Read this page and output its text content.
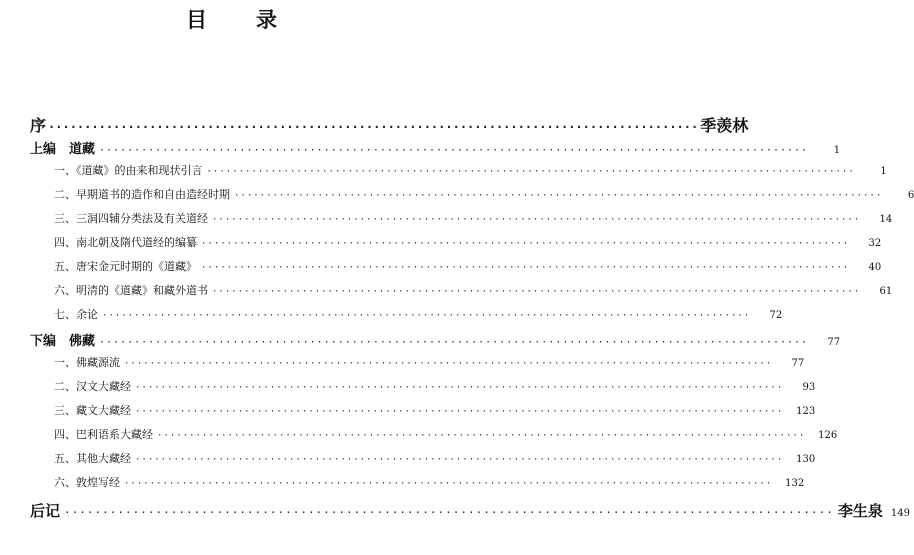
目　录
序 ·························································································· 季羡林
上编　道藏 ·····································································································	1
一、《道藏》的由来和现状引言 ·····································································································	1
二、早期道书的造作和自由造经时期 ·····································································································	6
三、三洞四辅分类法及有关道经 ·····································································································	14
四、南北朝及隋代道经的编纂 ·····································································································	32
五、唐宋金元时期的《道藏》 ·····································································································	40
六、明清的《道藏》和藏外道书 ·····································································································	61
七、余论 ·····································································································	72
下编　佛藏 ·····································································································	77
一、佛藏源流 ·····································································································	77
二、汉文大藏经 ·····································································································	93
三、藏文大藏经 ·····································································································	123
四、巴利语系大藏经 ·····································································································	126
五、其他大藏经 ·····································································································	130
六、敦煌写经 ·····································································································	132
后记 ····································································································· 李生泉 149
